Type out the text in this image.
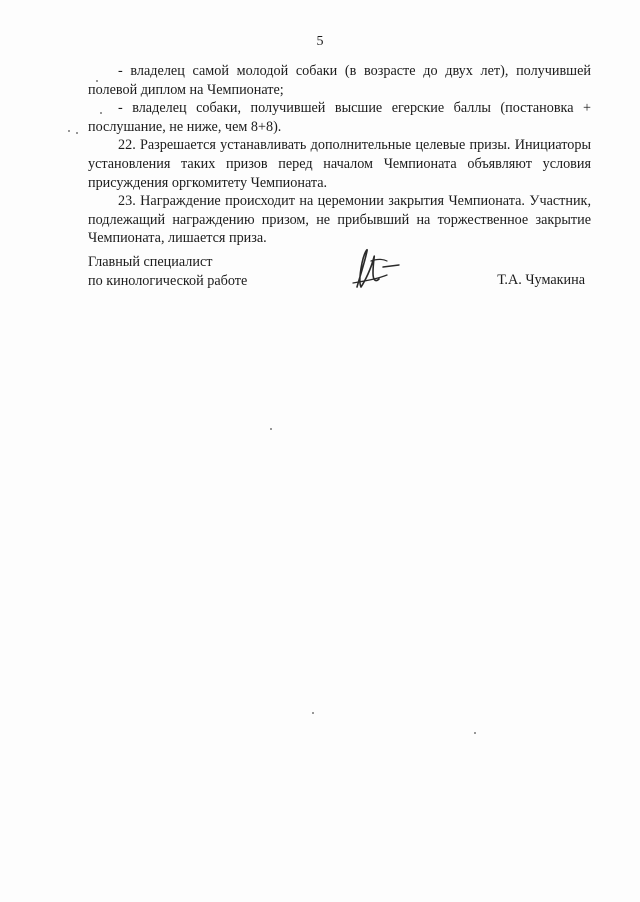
5

- владелец самой молодой собаки (в возрасте до двух лет), получившей полевой диплом на Чемпионате;

- владелец собаки, получившей высшие егерские баллы (постановка + послушание, не ниже, чем 8+8).

22. Разрешается устанавливать дополнительные целевые призы. Инициаторы установления таких призов перед началом Чемпионата объявляют условия присуждения оргкомитету Чемпионата.

23. Награждение происходит на церемонии закрытия Чемпионата. Участник, подлежащий награждению призом, не прибывший на торжественное закрытие Чемпионата, лишается приза.

Главный специалист
по кинологической работе	Т.А. Чумакина
